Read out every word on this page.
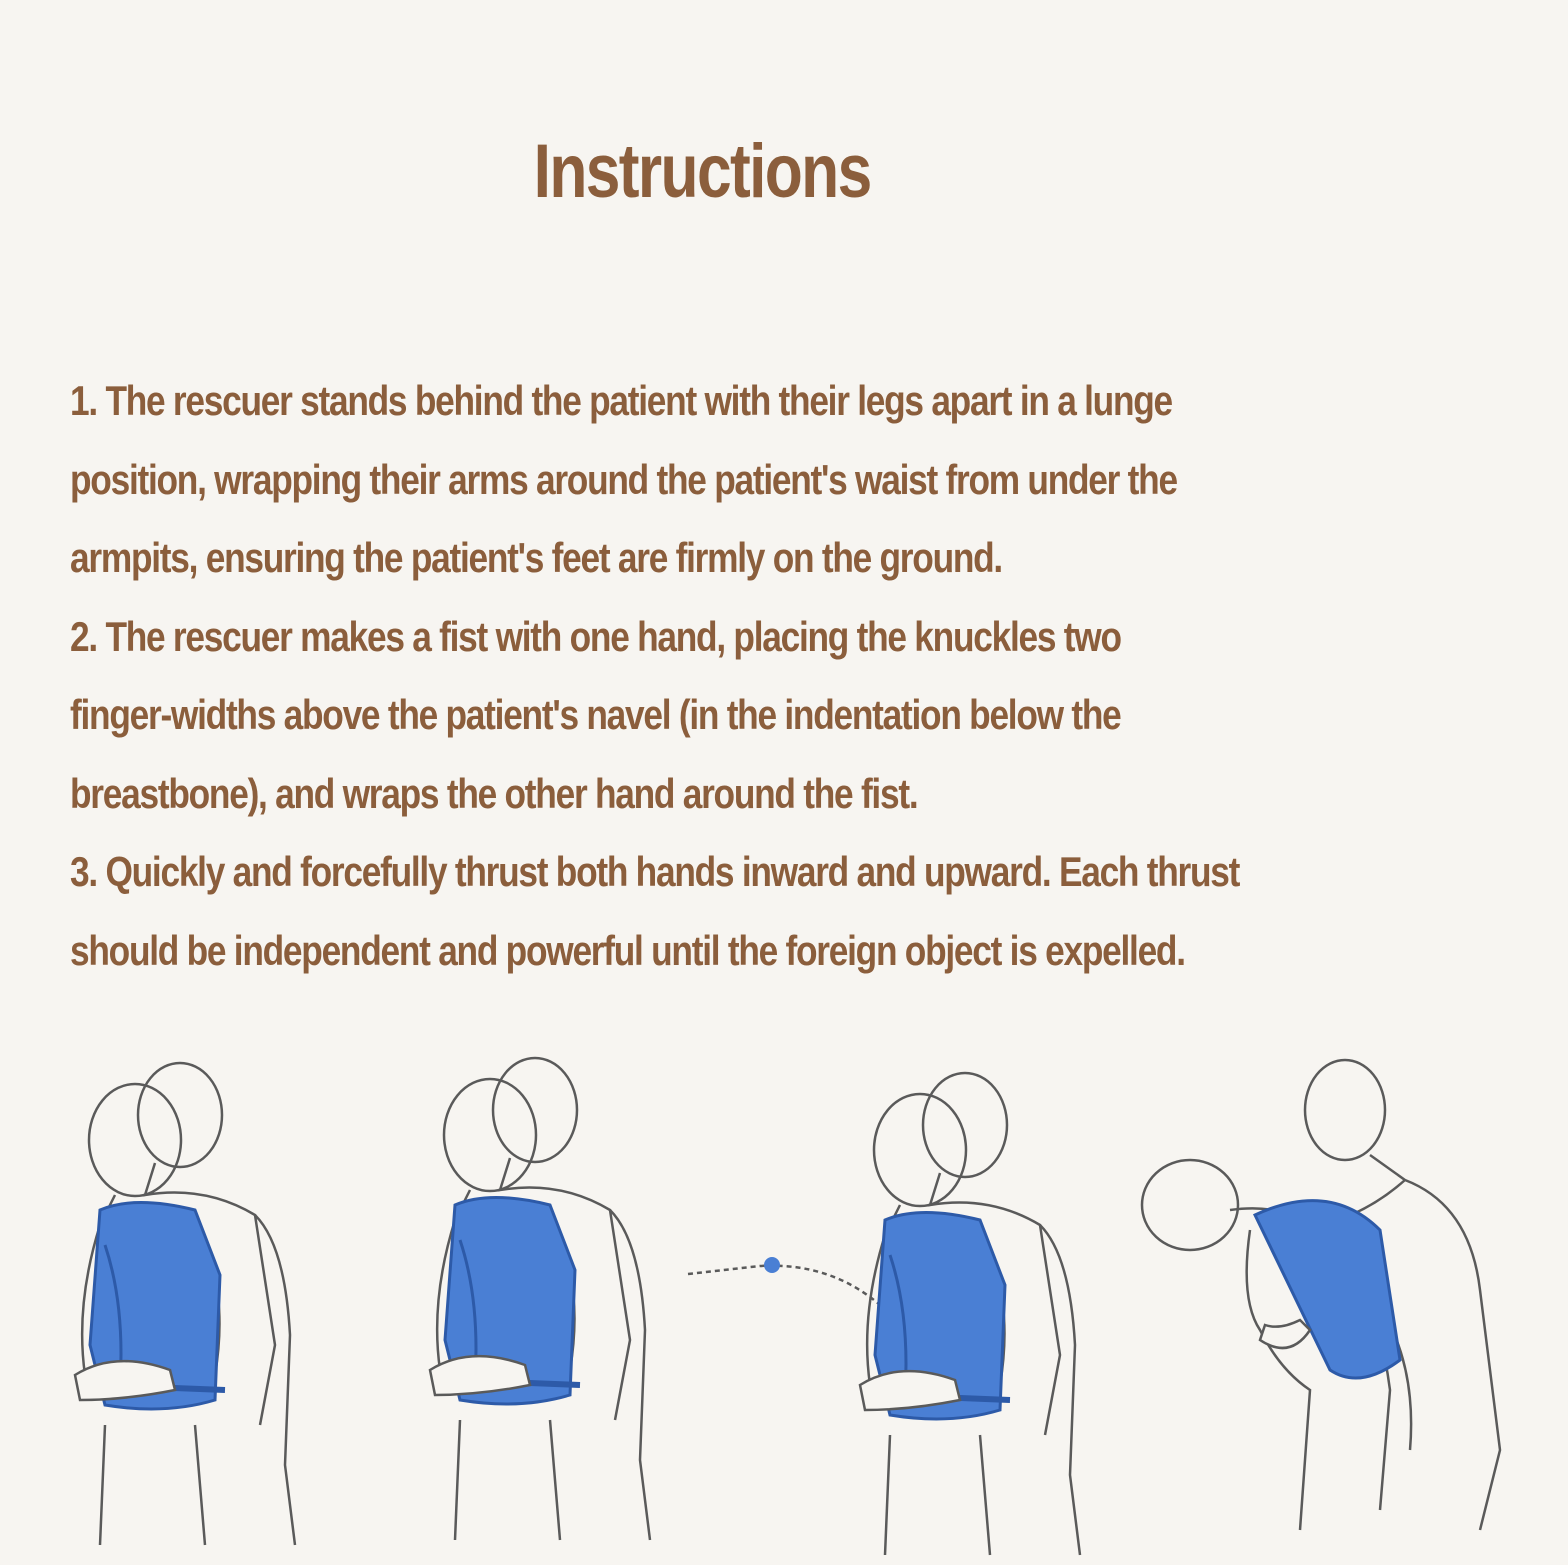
Instructions
1. The rescuer stands behind the patient with their legs apart in a lunge
position, wrapping their arms around the patient's waist from under the
armpits, ensuring the patient's feet are firmly on the ground.
2. The rescuer makes a fist with one hand, placing the knuckles two
finger-widths above the patient's navel (in the indentation below the
breastbone), and wraps the other hand around the fist.
3. Quickly and forcefully thrust both hands inward and upward. Each thrust
should be independent and powerful until the foreign object is expelled.
